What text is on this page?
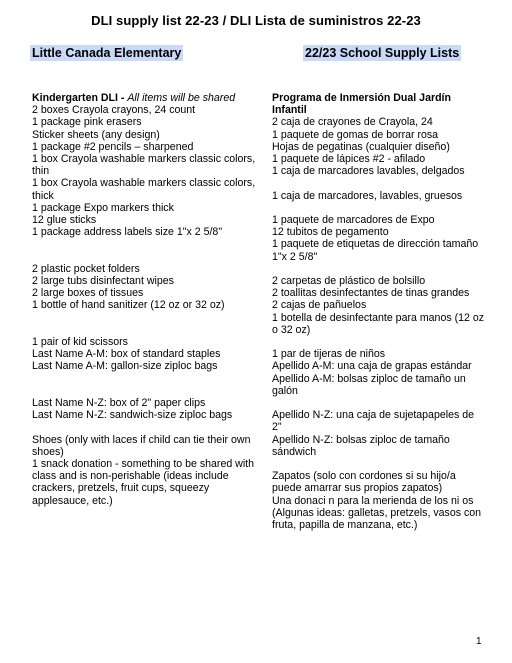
DLI supply list 22-23 / DLI Lista de suministros 22-23
Little Canada Elementary	22/23 School Supply Lists
Kindergarten DLI - All items will be shared
2 boxes Crayola crayons, 24 count
1 package pink erasers
Sticker sheets (any design)
1 package #2 pencils – sharpened
1 box Crayola washable markers classic colors, thin
1 box Crayola washable markers classic colors, thick
1 package Expo markers thick
12 glue sticks
1 package address labels size 1"x 2 5/8"
2 plastic pocket folders
2 large tubs disinfectant wipes
2 large boxes of tissues
1 bottle of hand sanitizer (12 oz or 32 oz)
1 pair of kid scissors
Last Name A-M: box of standard staples
Last Name A-M: gallon-size ziploc bags
Last Name N-Z: box of 2" paper clips
Last Name N-Z: sandwich-size ziploc bags
Shoes (only with laces if child can tie their own shoes)
1 snack donation - something to be shared with class and is non-perishable (ideas include crackers, pretzels, fruit cups, squeezy applesauce, etc.)
Programa de Inmersión Dual Jardín Infantil
2 caja de crayones de Crayola, 24
1 paquete de gomas de borrar rosa
Hojas de pegatinas (cualquier diseño)
1 paquete de lápices #2 - afilado
1 caja de marcadores lavables, delgados
1 caja de marcadores, lavables, gruesos
1 paquete de marcadores de Expo
12 tubitos de pegamento
1 paquete de etiquetas de dirección tamaño 1"x 2 5/8"
2 carpetas de plástico de bolsillo
2 toallitas desinfectantes de tinas grandes
2 cajas de pañuelos
1 botella de desinfectante para manos (12 oz o 32 oz)
1 par de tijeras de niños
Apellido A-M: una caja de grapas estándar
Apellido A-M: bolsas ziploc de tamaño un galón
Apellido N-Z: una caja de sujetapapeles de 2"
Apellido N-Z: bolsas ziploc de tamaño sándwich
Zapatos (solo con cordones si su hijo/a puede amarrar sus propios zapatos)
Una donaci n para la merienda de los ni os (Algunas ideas: galletas, pretzels, vasos con fruta, papilla de manzana, etc.)
1
